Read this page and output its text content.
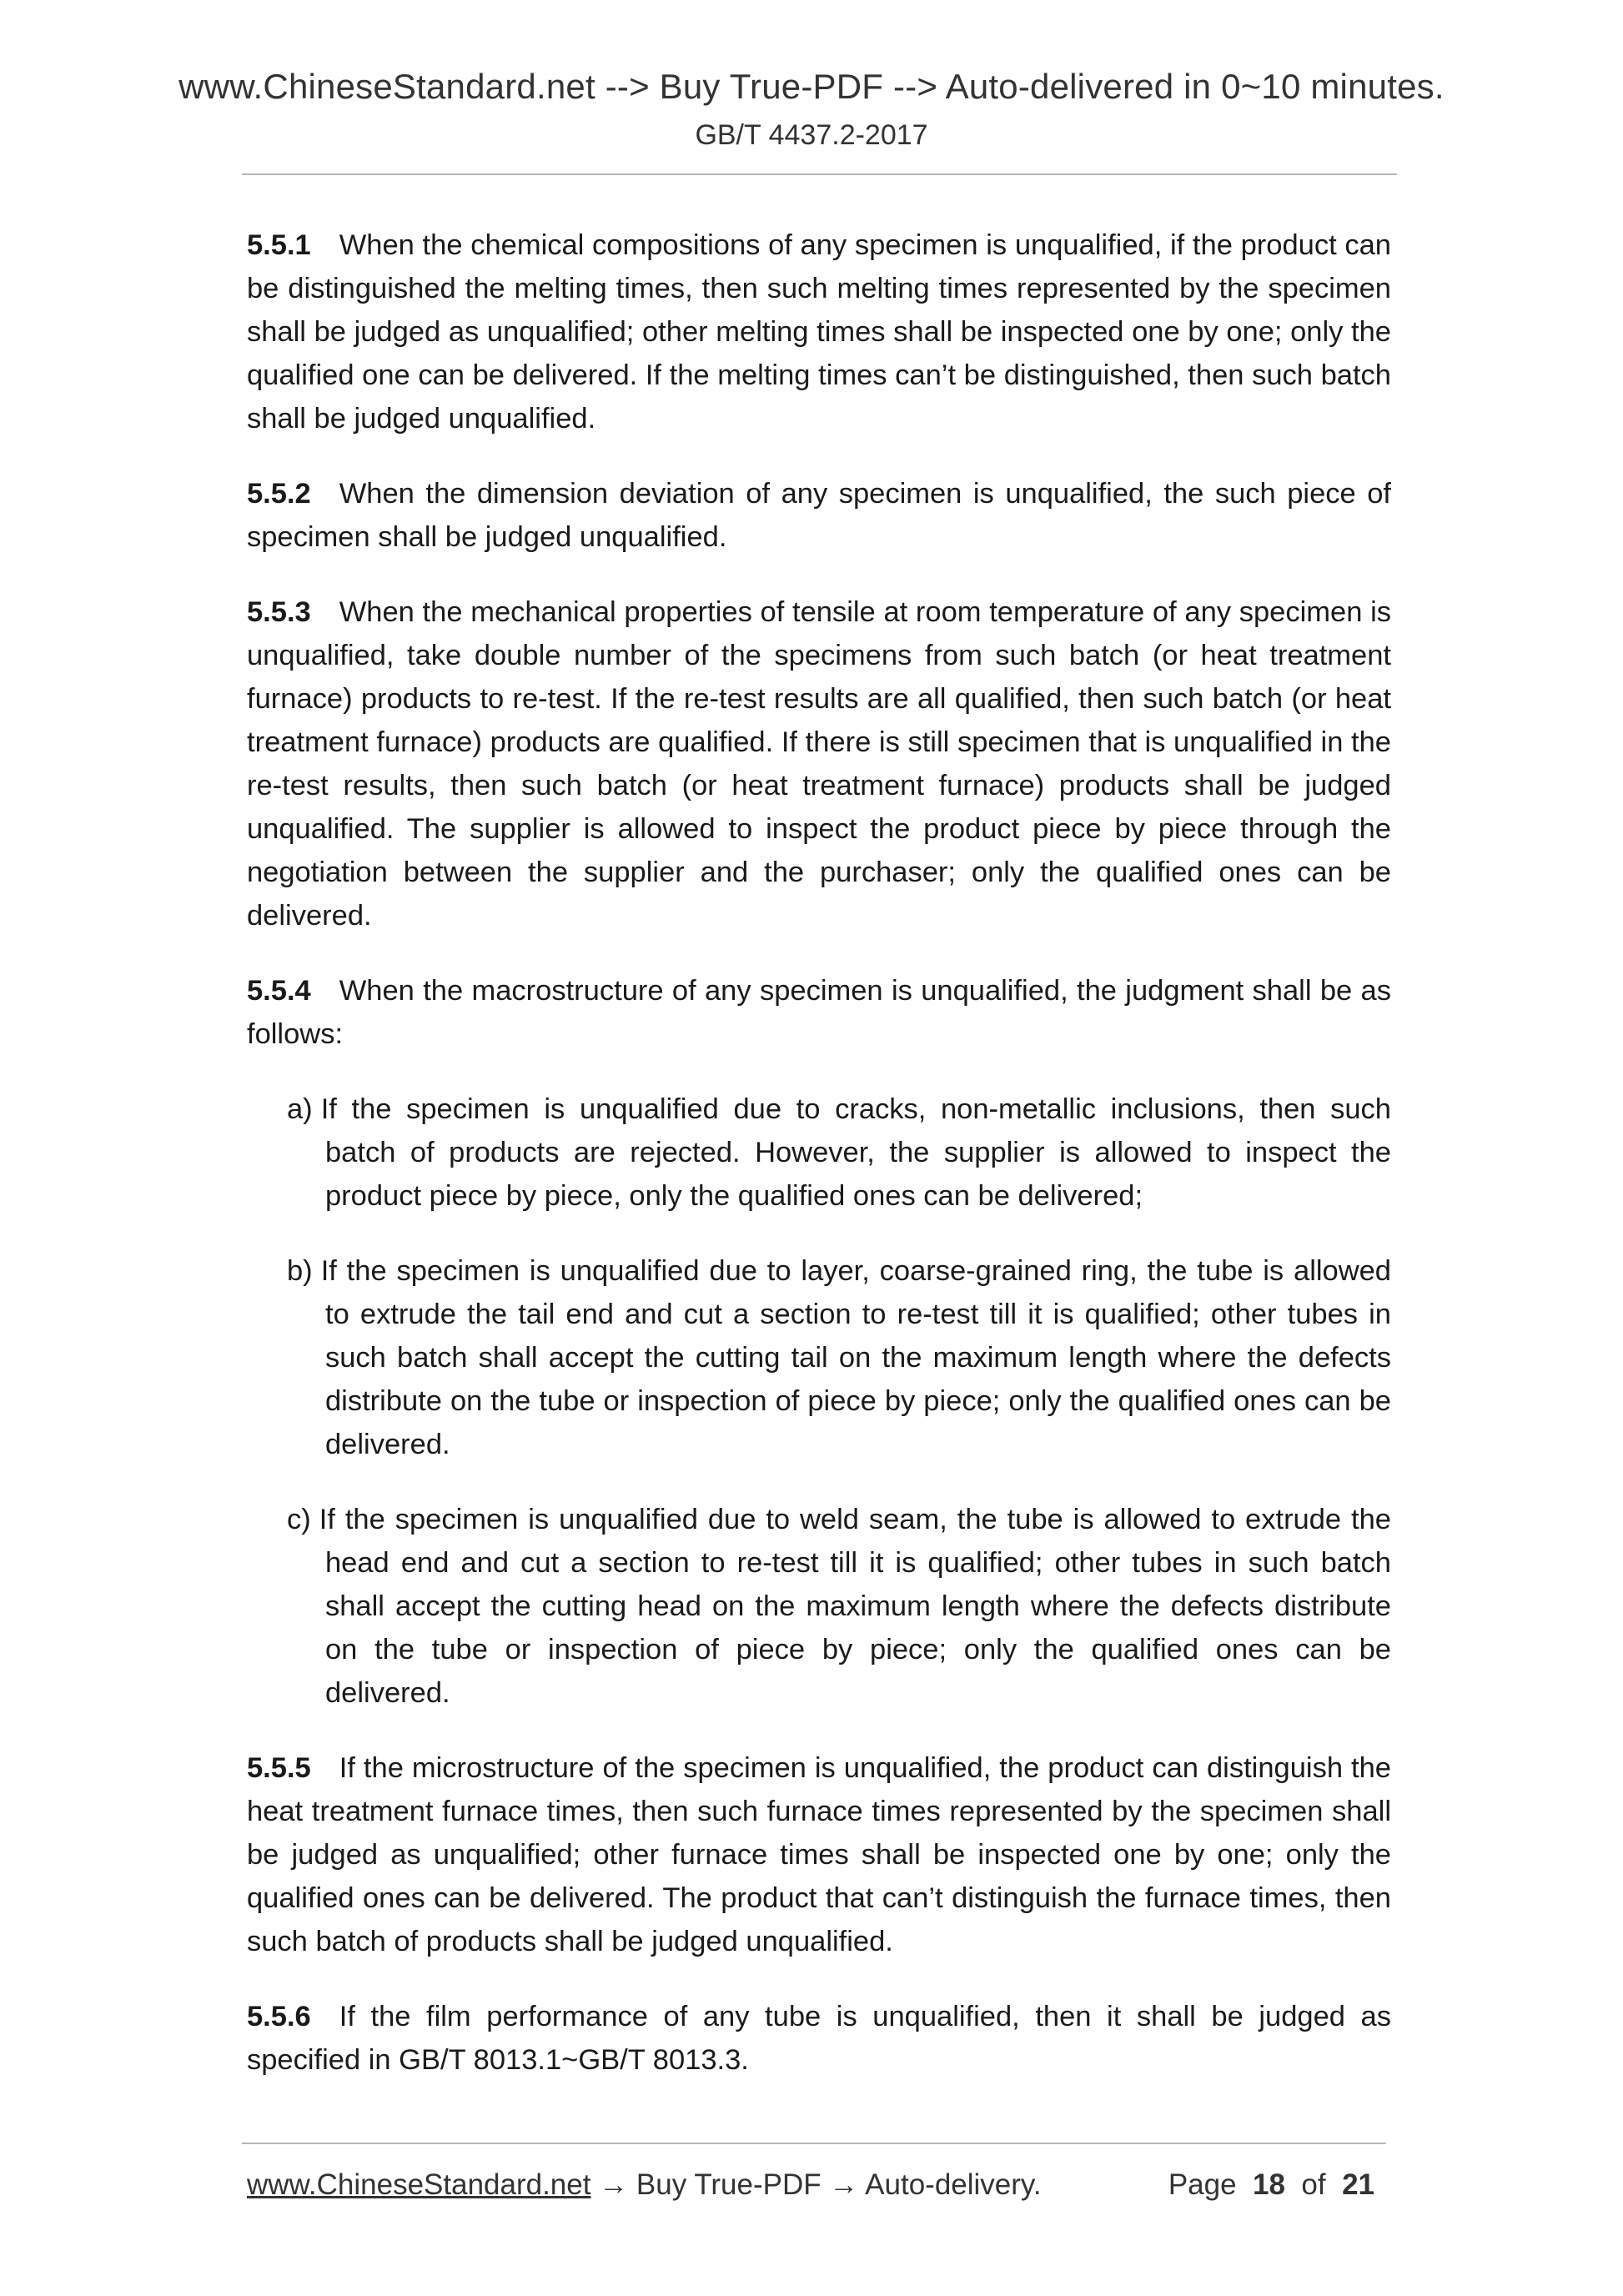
www.ChineseStandard.net --> Buy True-PDF --> Auto-delivered in 0~10 minutes.
GB/T 4437.2-2017

5.5.1 When the chemical compositions of any specimen is unqualified, if the product can be distinguished the melting times, then such melting times represented by the specimen shall be judged as unqualified; other melting times shall be inspected one by one; only the qualified one can be delivered. If the melting times can’t be distinguished, then such batch shall be judged unqualified.

5.5.2 When the dimension deviation of any specimen is unqualified, the such piece of specimen shall be judged unqualified.

5.5.3 When the mechanical properties of tensile at room temperature of any specimen is unqualified, take double number of the specimens from such batch (or heat treatment furnace) products to re-test. If the re-test results are all qualified, then such batch (or heat treatment furnace) products are qualified. If there is still specimen that is unqualified in the re-test results, then such batch (or heat treatment furnace) products shall be judged unqualified. The supplier is allowed to inspect the product piece by piece through the negotiation between the supplier and the purchaser; only the qualified ones can be delivered.

5.5.4 When the macrostructure of any specimen is unqualified, the judgment shall be as follows:

a) If the specimen is unqualified due to cracks, non-metallic inclusions, then such batch of products are rejected. However, the supplier is allowed to inspect the product piece by piece, only the qualified ones can be delivered;

b) If the specimen is unqualified due to layer, coarse-grained ring, the tube is allowed to extrude the tail end and cut a section to re-test till it is qualified; other tubes in such batch shall accept the cutting tail on the maximum length where the defects distribute on the tube or inspection of piece by piece; only the qualified ones can be delivered.

c) If the specimen is unqualified due to weld seam, the tube is allowed to extrude the head end and cut a section to re-test till it is qualified; other tubes in such batch shall accept the cutting head on the maximum length where the defects distribute on the tube or inspection of piece by piece; only the qualified ones can be delivered.

5.5.5 If the microstructure of the specimen is unqualified, the product can distinguish the heat treatment furnace times, then such furnace times represented by the specimen shall be judged as unqualified; other furnace times shall be inspected one by one; only the qualified ones can be delivered. The product that can’t distinguish the furnace times, then such batch of products shall be judged unqualified.

5.5.6 If the film performance of any tube is unqualified, then it shall be judged as specified in GB/T 8013.1~GB/T 8013.3.

www.ChineseStandard.net → Buy True-PDF → Auto-delivery.	Page 18 of 21
